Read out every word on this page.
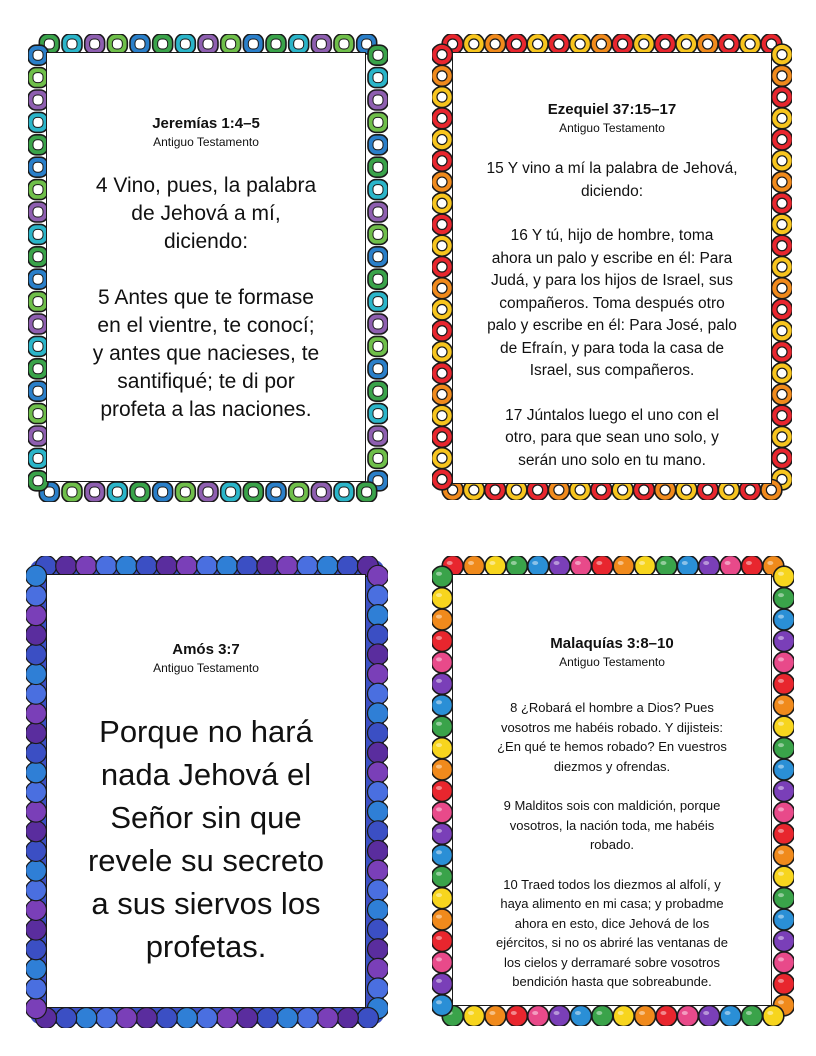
Jeremías 1:4–5
Antiguo Testamento
4 Vino, pues, la palabra
de Jehová a mí,
diciendo:
5 Antes que te formase
en el vientre, te conocí;
y antes que nacieses, te
santifiqué; te di por
profeta a las naciones.
Ezequiel 37:15–17
Antiguo Testamento
15 Y vino a mí la palabra de Jehová,
diciendo:
16 Y tú, hijo de hombre, toma
ahora un palo y escribe en él: Para
Judá, y para los hijos de Israel, sus
compañeros. Toma después otro
palo y escribe en él: Para José, palo
de Efraín, y para toda la casa de
Israel, sus compañeros.
17 Júntalos luego el uno con el
otro, para que sean uno solo, y
serán uno solo en tu mano.
Amós 3:7
Antiguo Testamento
Porque no hará
nada Jehová el
Señor sin que
revele su secreto
a sus siervos los
profetas.
Malaquías 3:8–10
Antiguo Testamento
8 ¿Robará el hombre a Dios? Pues
vosotros me habéis robado. Y dijisteis:
¿En qué te hemos robado? En vuestros
diezmos y ofrendas.
9 Malditos sois con maldición, porque
vosotros, la nación toda, me habéis
robado.
10 Traed todos los diezmos al alfolí, y
haya alimento en mi casa; y probadme
ahora en esto, dice Jehová de los
ejércitos, si no os abriré las ventanas de
los cielos y derramaré sobre vosotros
bendición hasta que sobreabunde.
